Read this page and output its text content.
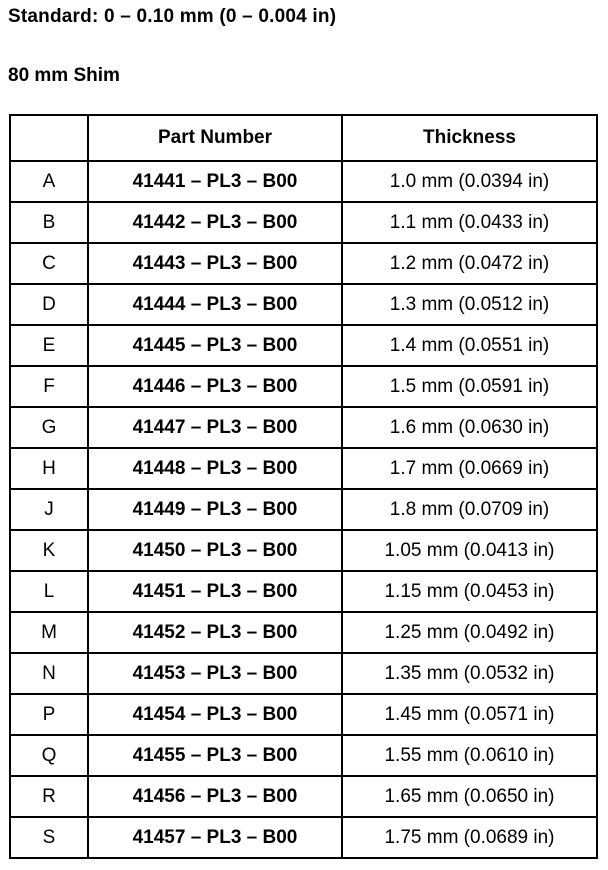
Standard: 0 – 0.10 mm (0 – 0.004 in)
80 mm Shim
	Part Number	Thickness
A	41441 – PL3 – B00	1.0 mm (0.0394 in)
B	41442 – PL3 – B00	1.1 mm (0.0433 in)
C	41443 – PL3 – B00	1.2 mm (0.0472 in)
D	41444 – PL3 – B00	1.3 mm (0.0512 in)
E	41445 – PL3 – B00	1.4 mm (0.0551 in)
F	41446 – PL3 – B00	1.5 mm (0.0591 in)
G	41447 – PL3 – B00	1.6 mm (0.0630 in)
H	41448 – PL3 – B00	1.7 mm (0.0669 in)
J	41449 – PL3 – B00	1.8 mm (0.0709 in)
K	41450 – PL3 – B00	1.05 mm (0.0413 in)
L	41451 – PL3 – B00	1.15 mm (0.0453 in)
M	41452 – PL3 – B00	1.25 mm (0.0492 in)
N	41453 – PL3 – B00	1.35 mm (0.0532 in)
P	41454 – PL3 – B00	1.45 mm (0.0571 in)
Q	41455 – PL3 – B00	1.55 mm (0.0610 in)
R	41456 – PL3 – B00	1.65 mm (0.0650 in)
S	41457 – PL3 – B00	1.75 mm (0.0689 in)
